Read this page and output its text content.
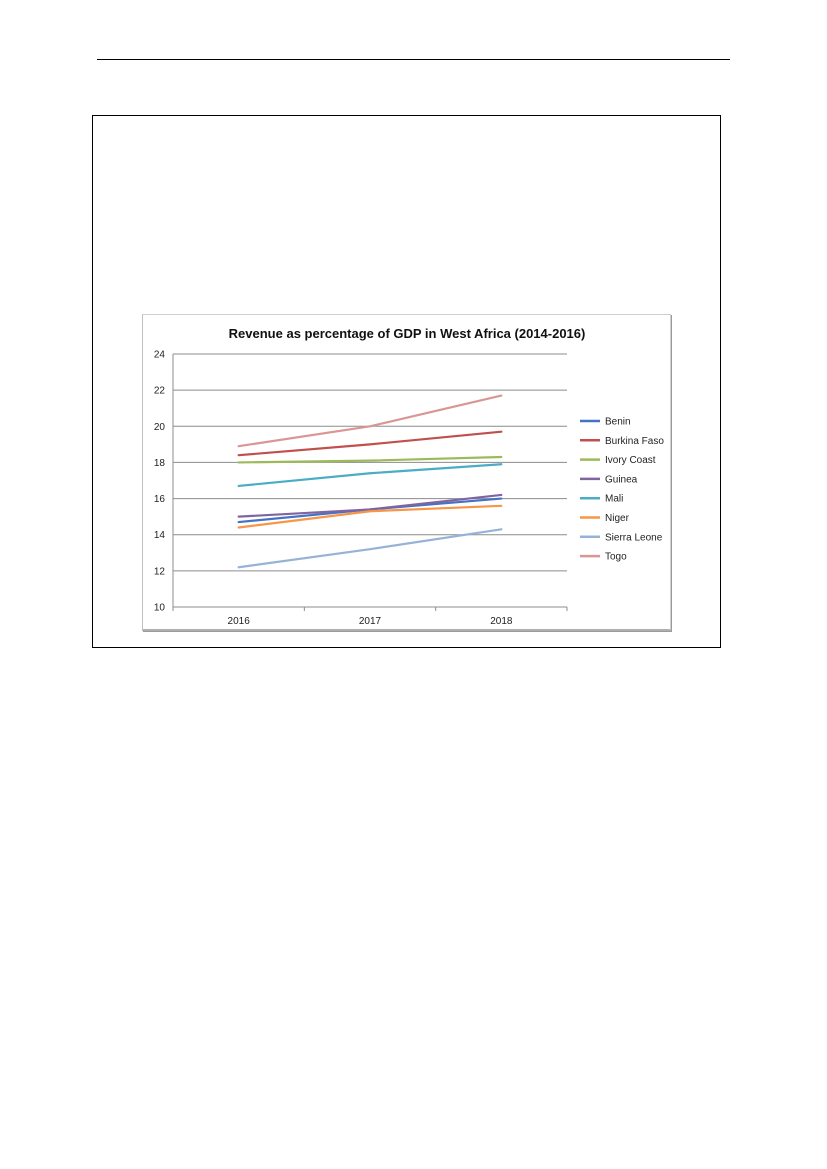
Revenue as percentage of GDP in West Africa (2014-2016)
10
12
14
16
18
20
22
24
2016	2017	2018
Benin
Burkina Faso
Ivory Coast
Guinea
Mali
Niger
Sierra Leone
Togo
